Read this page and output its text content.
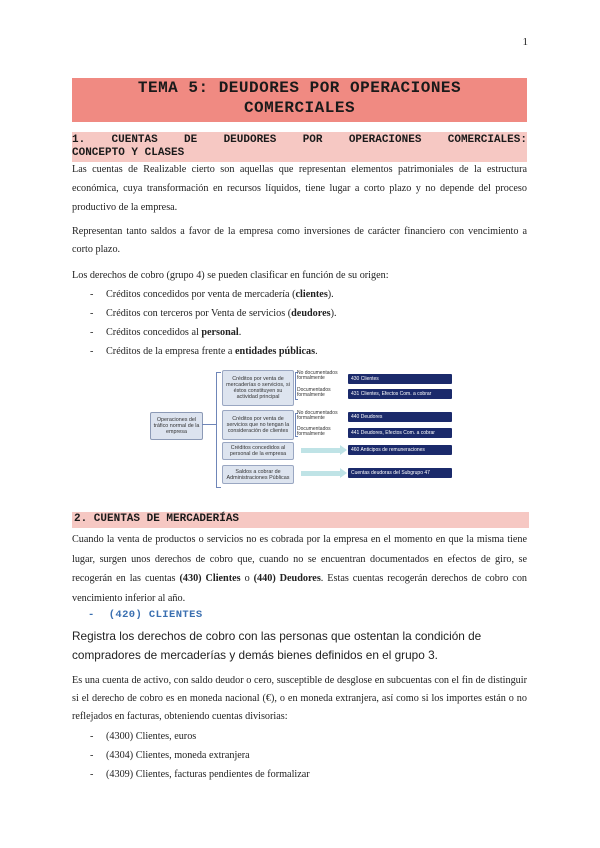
1
TEMA 5: DEUDORES POR OPERACIONES
COMERCIALES
1. CUENTAS DE DEUDORES POR OPERACIONES COMERCIALES:
CONCEPTO Y CLASES

Las cuentas de Realizable cierto son aquellas que representan elementos patrimoniales de la estructura económica, cuya transformación en recursos líquidos, tiene lugar a corto plazo y no depende del proceso productivo de la empresa.

Representan tanto saldos a favor de la empresa como inversiones de carácter financiero con vencimiento a corto plazo.

Los derechos de cobro (grupo 4) se pueden clasificar en función de su origen:

-	Créditos concedidos por venta de mercadería (clientes).
-	Créditos con terceros por Venta de servicios (deudores).
-	Créditos concedidos al personal.
-	Créditos de la empresa frente a entidades públicas.
Operaciones del tráfico normal de la empresa
Créditos por venta de mercaderías o servicios, si éstos constituyen su actividad principal
Créditos por venta de servicios que no tengan la consideración de clientes
Créditos concedidos al personal de la empresa
Saldos a cobrar de Administraciones Públicas
No documentados formalmente
Documentados formalmente
No documentados formalmente
Documentados formalmente
430 Clientes
431 Clientes, Efectos Com. a cobrar
440 Deudores
441 Deudores, Efectos Com. a cobrar
460 Anticipos de remuneraciones
Cuentas deudoras del Subgrupo 47
2. CUENTAS DE MERCADERÍAS

Cuando la venta de productos o servicios no es cobrada por la empresa en el momento en que la misma tiene lugar, surgen unos derechos de cobro que, cuando no se encuentran documentados en efectos de giro, se recogerán en las cuentas (430) Clientes o (440) Deudores. Estas cuentas recogerán derechos de cobro con vencimiento inferior al año.

- (420) CLIENTES

Registra los derechos de cobro con las personas que ostentan la condición de compradores de mercaderías y demás bienes definidos en el grupo 3.

Es una cuenta de activo, con saldo deudor o cero, susceptible de desglose en subcuentas con el fin de distinguir si el derecho de cobro es en moneda nacional (€), o en moneda extranjera, así como si los importes están o no reflejados en facturas, obteniendo cuentas divisorias:

-	(4300) Clientes, euros
-	(4304) Clientes, moneda extranjera
-	(4309) Clientes, facturas pendientes de formalizar
